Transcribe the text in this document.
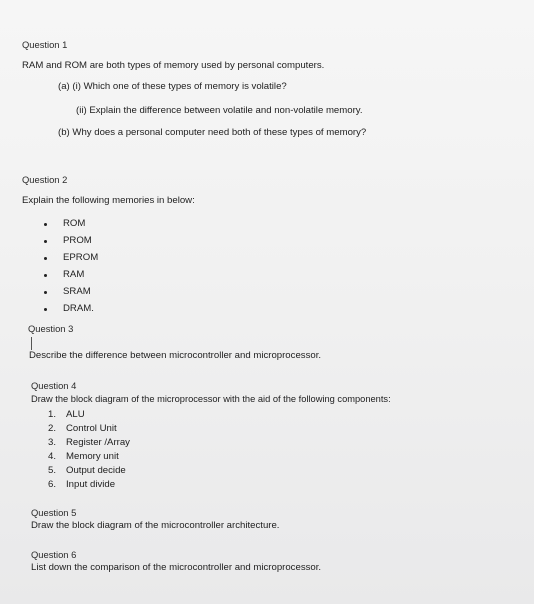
Question 1
RAM and ROM are both types of memory used by personal computers.
(a) (i) Which one of these types of memory is volatile?
(ii) Explain the difference between volatile and non-volatile memory.
(b) Why does a personal computer need both of these types of memory?
Question 2
Explain the following memories in below:
ROM
PROM
EPROM
RAM
SRAM
DRAM.
Question 3
Describe the difference between microcontroller and microprocessor.
Question 4
Draw the block diagram of the microprocessor with the aid of the following components:
1. ALU
2. Control Unit
3. Register /Array
4. Memory unit
5. Output decide
6. Input divide
Question 5
Draw the block diagram of the microcontroller architecture.
Question 6
List down the comparison of the microcontroller and microprocessor.
